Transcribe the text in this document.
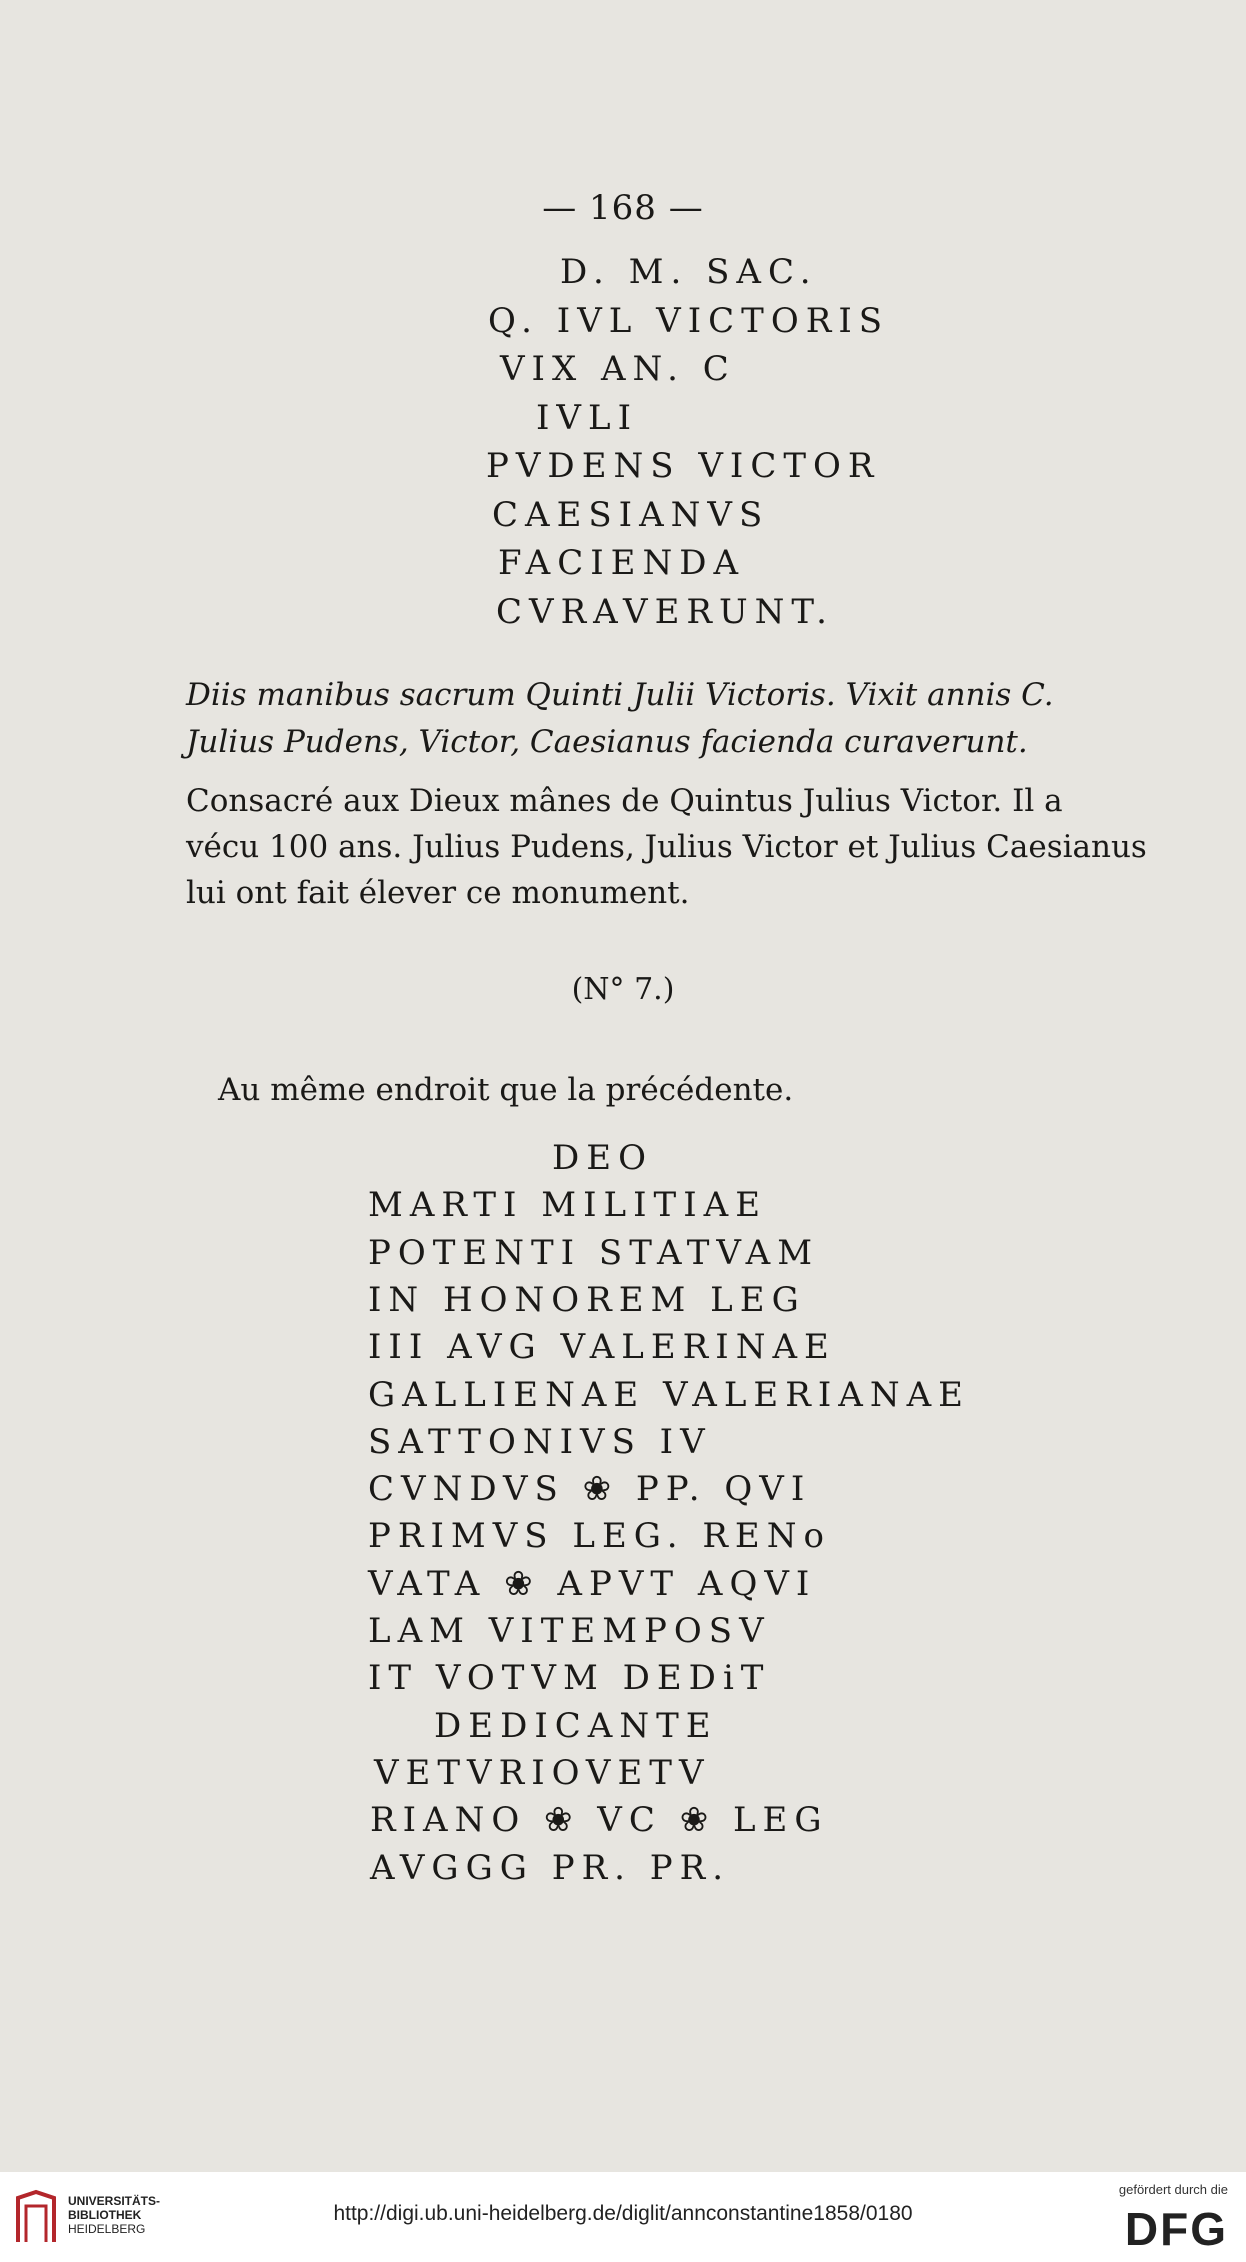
— 168 —
D. M. SAC.
Q. IVL VICTORIS
VIX AN. C
IVLI
PVDENS VICTOR
CAESIANVS
FACIENDA
CVRAVERUNT.

Diis manibus sacrum Quinti Julii Victoris. Vixit annis C.
Julius Pudens, Victor, Caesianus facienda curaverunt.

Consacré aux Dieux mânes de Quintus Julius Victor. Il a
vécu 100 ans. Julius Pudens, Julius Victor et Julius Caesianus
lui ont fait élever ce monument.

(N° 7.)
Au même endroit que la précédente.
DEO
MARTI MILITIAE
POTENTI STATVAM
IN HONOREM LEG
III AVG VALERINAE
GALLIENAE VALERIANAE
SATTONIVS IV
CVNDVS ❀ PP. QVI
PRIMVS LEG. RENo
VATA ❀ APVT AQVI
LAM VITEMPOSV
IT VOTVM DEDiT
DEDICANTE
VETVRIOVETV
RIANO ❀ VC ❀ LEG
AVGGG PR. PR.
UNIVERSITÄTS-
BIBLIOTHEK
HEIDELBERG
http://digi.ub.uni-heidelberg.de/diglit/annconstantine1858/0180
gefördert durch die
DFG
